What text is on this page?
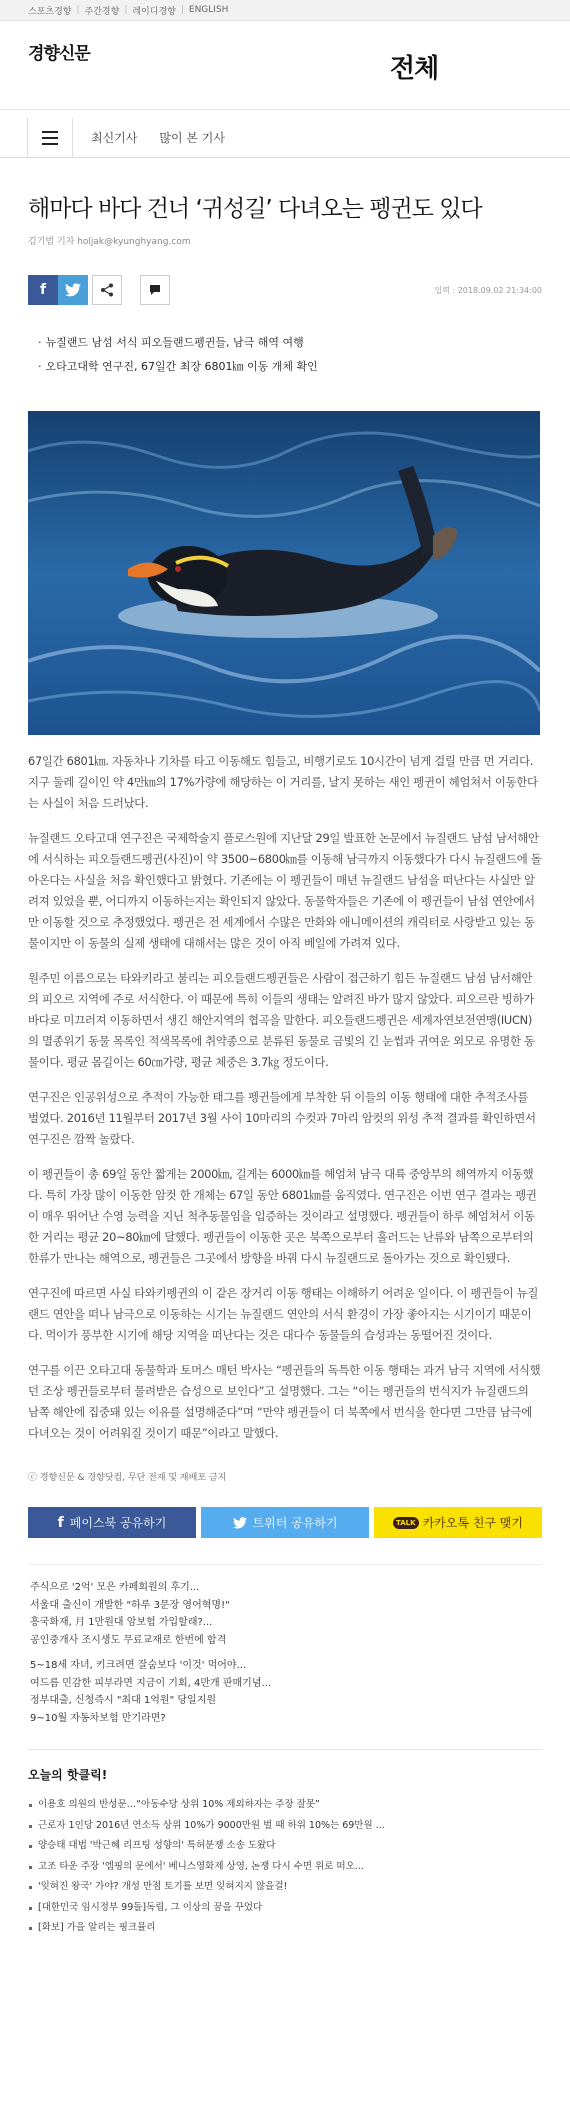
스포츠경향 | 주간경향 | 레이디경향 | ENGLISH
경향신문	전체
최신기사 많이 본 기사
해마다 바다 건너 ‘귀성길’ 다녀오는 펭귄도 있다
김기범 기자 holjak@kyunghyang.com
f	입력 : 2018.09.02 21:34:00
· 뉴질랜드 남섬 서식 피오들랜드펭귄들, 남극 해역 여행
· 오타고대학 연구진, 67일간 최장 6801㎞ 이동 개체 확인

67일간 6801㎞. 자동차나 기차를 타고 이동해도 힘들고, 비행기로도 10시간이 넘게 걸릴 만큼 먼 거리다. 지구 둘레 길이인 약 4만㎞의 17%가량에 해당하는 이 거리를, 날지 못하는 새인 펭귄이 헤엄쳐서 이동한다는 사실이 처음 드러났다.

뉴질랜드 오타고대 연구진은 국제학술지 플로스원에 지난달 29일 발표한 논문에서 뉴질랜드 남섬 남서해안에 서식하는 피오들랜드펭귄(사진)이 약 3500~6800㎞를 이동해 남극까지 이동했다가 다시 뉴질랜드에 돌아온다는 사실을 처음 확인했다고 밝혔다. 기존에는 이 펭귄들이 매년 뉴질랜드 남섬을 떠난다는 사실만 알려져 있었을 뿐, 어디까지 이동하는지는 확인되지 않았다. 동물학자들은 기존에 이 펭귄들이 남섬 연안에서만 이동할 것으로 추정했었다. 펭귄은 전 세계에서 수많은 만화와 애니메이션의 캐릭터로 사랑받고 있는 동물이지만 이 동물의 실제 생태에 대해서는 많은 것이 아직 베일에 가려져 있다.

원주민 이름으로는 타와키라고 불리는 피오들랜드펭귄들은 사람이 접근하기 힘든 뉴질랜드 남섬 남서해안의 피오르 지역에 주로 서식한다. 이 때문에 특히 이들의 생태는 알려진 바가 많지 않았다. 피오르란 빙하가 바다로 미끄러져 이동하면서 생긴 해안지역의 협곡을 말한다. 피오들랜드펭귄은 세계자연보전연맹(IUCN)의 멸종위기 동물 목록인 적색목록에 취약종으로 분류된 동물로 금빛의 긴 눈썹과 귀여운 외모로 유명한 동물이다. 평균 몸길이는 60㎝가량, 평균 체중은 3.7㎏ 정도이다.

연구진은 인공위성으로 추적이 가능한 태그를 펭귄들에게 부착한 뒤 이들의 이동 행태에 대한 추적조사를 벌였다. 2016년 11월부터 2017년 3월 사이 10마리의 수컷과 7마리 암컷의 위성 추적 결과를 확인하면서 연구진은 깜짝 놀랐다.

이 펭귄들이 총 69일 동안 짧게는 2000㎞, 길게는 6000㎞를 헤엄쳐 남극 대륙 중앙부의 해역까지 이동했다. 특히 가장 많이 이동한 암컷 한 개체는 67일 동안 6801㎞를 움직였다. 연구진은 이번 연구 결과는 펭귄이 매우 뛰어난 수영 능력을 지닌 척추동물임을 입증하는 것이라고 설명했다. 펭귄들이 하루 헤엄쳐서 이동한 거리는 평균 20~80㎞에 달했다. 펭귄들이 이동한 곳은 북쪽으로부터 흘러드는 난류와 남쪽으로부터의 한류가 만나는 해역으로, 펭귄들은 그곳에서 방향을 바꿔 다시 뉴질랜드로 돌아가는 것으로 확인됐다.

연구진에 따르면 사실 타와키펭귄의 이 같은 장거리 이동 행태는 이해하기 어려운 일이다. 이 펭귄들이 뉴질랜드 연안을 떠나 남극으로 이동하는 시기는 뉴질랜드 연안의 서식 환경이 가장 좋아지는 시기이기 때문이다. 먹이가 풍부한 시기에 해당 지역을 떠난다는 것은 대다수 동물들의 습성과는 동떨어진 것이다.

연구를 이끈 오타고대 동물학과 토머스 매턴 박사는 “펭귄들의 독특한 이동 행태는 과거 남극 지역에 서식했던 조상 펭귄들로부터 물려받은 습성으로 보인다”고 설명했다. 그는 “이는 펭귄들의 번식지가 뉴질랜드의 남쪽 해안에 집중돼 있는 이유를 설명해준다”며 “만약 펭귄들이 더 북쪽에서 번식을 한다면 그만큼 남극에 다녀오는 것이 어려워질 것이기 때문”이라고 말했다.

ⓒ 경향신문 & 경향닷컴, 무단 전재 및 재배포 금지
f 페이스북 공유하기	트위터 공유하기	TALK 카카오톡 친구 맺기
주식으로 '2억' 모은 카페회원의 후기...
서울대 출신이 개발한 "하루 3문장 영어혁명!"
흥국화재, 月 1만원대 암보험 가입할래?...
공인중개사 조시생도 무료교재로 한번에 합격
5~18세 자녀, 키크려면 잘숨보다 '이것' 먹어야...
여드름 민감한 피부라면 지금이 기회, 4만개 판매기념...
정부대출, 신청즉시 "최대 1억원" 당일지원
9~10월 자동차보험 만기라면?
오늘의 핫클릭!
이용호 의원의 반성문…“아동수당 상위 10% 제외하자는 주장 잘못”
근로자 1인당 2016년 연소득 상위 10%가 9000만원 벌 때 하위 10%는 69만원 ...
양승태 대법 '박근혜 리프팅 성향의' 특허분쟁 소송 도왔다
고조 타운 주장 '엠핑의 문에서' 베니스영화제 상영, 논쟁 다시 수면 위로 떠오...
'잊혀진 왕국' 가야? 개성 만점 토기를 보면 잊혀지지 않을걸!
[대한민국 임시정부 99돌]독립, 그 이상의 꿈을 꾸었다
[화보] 가을 알리는 핑크뮬리
